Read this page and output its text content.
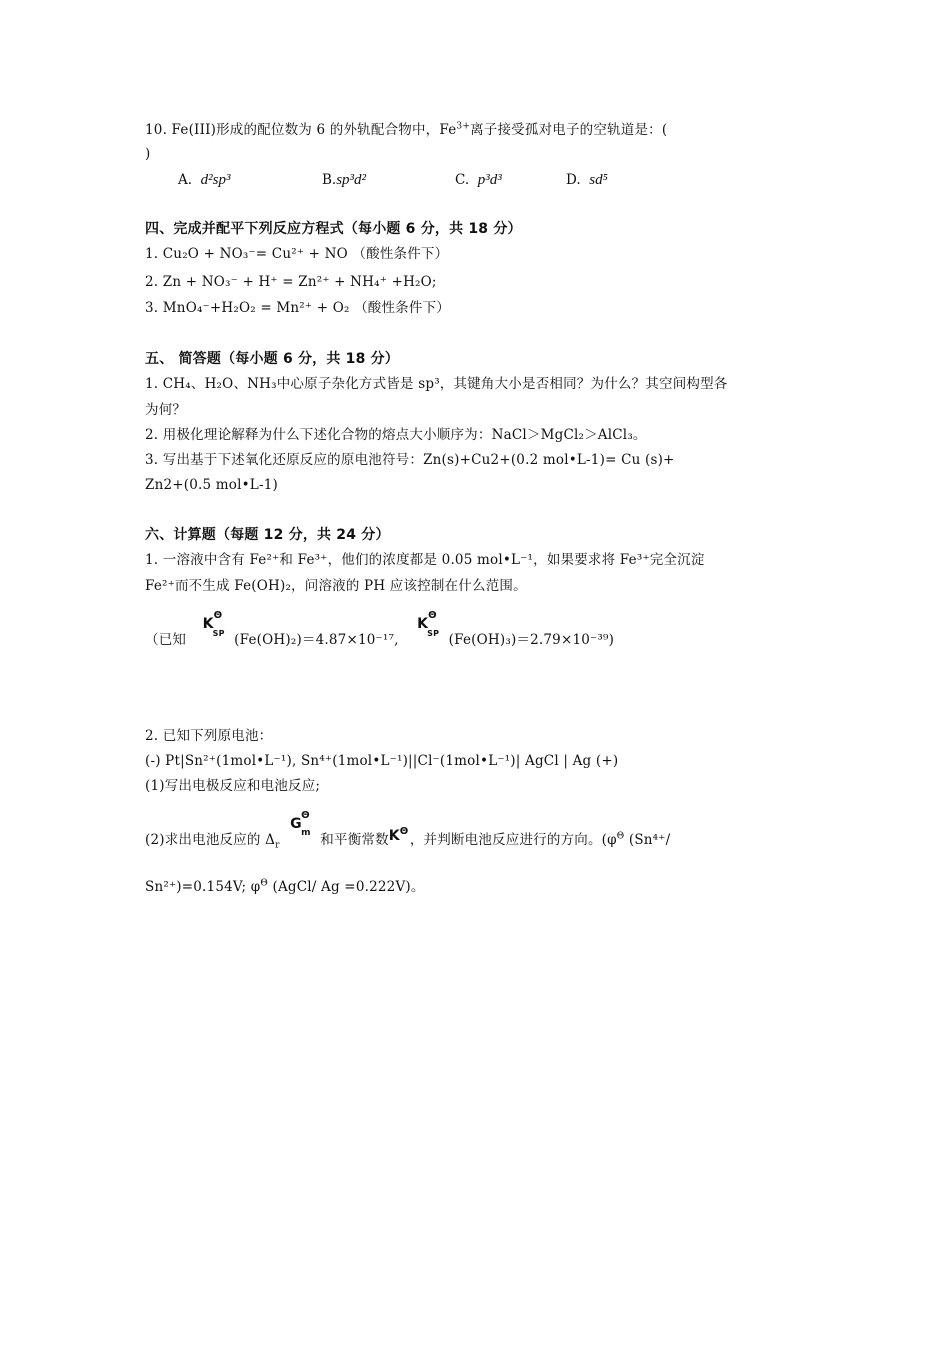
10. Fe(III)形成的配位数为 6 的外轨配合物中，$Fe^{3+}$离子接受孤对电子的空轨道是：(
)
A. d²sp³	B.sp³d²	C. p³d³	D. sd⁵
四、完成并配平下列反应方程式（每小题 6 分，共 18 分）
1. Cu₂O + NO₃⁻= Cu²⁺ + NO （酸性条件下）
2. Zn + NO₃⁻ + H⁺ = Zn²⁺ + NH₄⁺ +H₂O;
3. MnO₄⁻+H₂O₂ = Mn²⁺ + O₂ （酸性条件下）
五、 简答题（每小题 6 分，共 18 分）
1. CH₄、H₂O、NH₃中心原子杂化方式皆是 sp³，其键角大小是否相同？为什么？其空间构型各
为何？
2. 用极化理论解释为什么下述化合物的熔点大小顺序为：NaCl＞MgCl₂＞AlCl₃。
3. 写出基于下述氧化还原反应的原电池符号：Zn(s)+Cu2+(0.2 mol•L-1)= Cu (s)+
Zn2+(0.5 mol•L-1)
六、计算题（每题 12 分，共 24 分）
1. 一溶液中含有 Fe²⁺和 Fe³⁺，他们的浓度都是 0.05 mol•L⁻¹，如果要求将 Fe³⁺完全沉淀
Fe²⁺而不生成 Fe(OH)₂，问溶液的 PH 应该控制在什么范围。
（已知 K
Θ
SP (Fe(OH)₂)＝4.87×10⁻¹⁷, K
Θ
SP (Fe(OH)₃)＝2.79×10⁻³⁹)
2. 已知下列原电池：
(-) Pt|Sn²⁺(1mol•L⁻¹), Sn⁴⁺(1mol•L⁻¹)||Cl⁻(1mol•L⁻¹)| AgCl | Ag (+)
(1)写出电极反应和电池反应;
(2)求出电池反应的 $\Delta_r$ G
Θ
m 和平衡常数K Θ
，并判断电池反应进行的方向。($\varphi^\Theta$ (Sn⁴⁺/
Sn²⁺)=0.154V; $\varphi^\Theta$ (AgCl/ Ag =0.222V)。
